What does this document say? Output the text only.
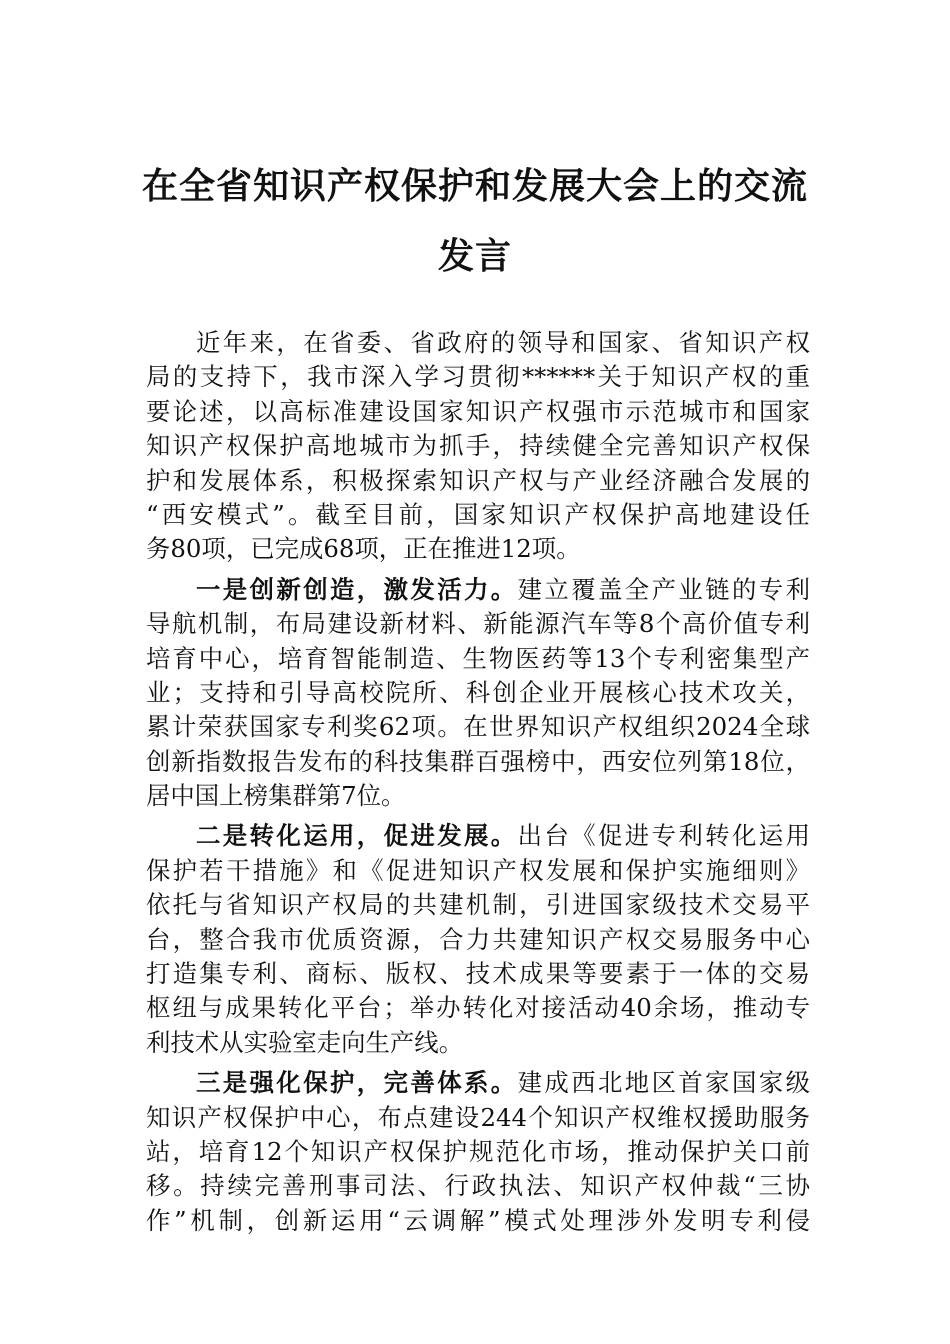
在全省知识产权保护和发展大会上的交流
发言
近年来，在省委、省政府的领导和国家、省知识产权
局的支持下，我市深入学习贯彻******关于知识产权的重
要论述，以高标准建设国家知识产权强市示范城市和国家
知识产权保护高地城市为抓手，持续健全完善知识产权保
护和发展体系，积极探索知识产权与产业经济融合发展的
“西安模式”。截至目前，国家知识产权保护高地建设任
务80项，已完成68项，正在推进12项。
一是创新创造，激发活力。建立覆盖全产业链的专利
导航机制，布局建设新材料、新能源汽车等8个高价值专利
培育中心，培育智能制造、生物医药等13个专利密集型产
业；支持和引导高校院所、科创企业开展核心技术攻关，
累计荣获国家专利奖62项。在世界知识产权组织2024全球
创新指数报告发布的科技集群百强榜中，西安位列第18位，
居中国上榜集群第7位。
二是转化运用，促进发展。出台《促进专利转化运用
保护若干措施》和《促进知识产权发展和保护实施细则》
依托与省知识产权局的共建机制，引进国家级技术交易平
台，整合我市优质资源，合力共建知识产权交易服务中心
打造集专利、商标、版权、技术成果等要素于一体的交易
枢纽与成果转化平台；举办转化对接活动40余场，推动专
利技术从实验室走向生产线。
三是强化保护，完善体系。建成西北地区首家国家级
知识产权保护中心，布点建设244个知识产权维权援助服务
站，培育12个知识产权保护规范化市场，推动保护关口前
移。持续完善刑事司法、行政执法、知识产权仲裁“三协
作”机制，创新运用“云调解”模式处理涉外发明专利侵
